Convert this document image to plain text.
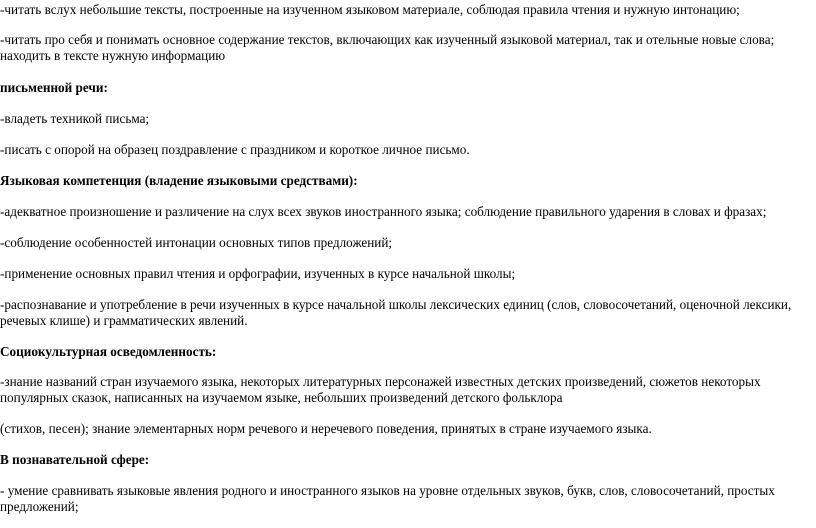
-читать вслух небольшие тексты, построенные на изученном языковом материале, соблюдая правила чтения и нужную интонацию;

-читать про себя и понимать основное содержание текстов, включающих как изученный языковой материал, так и отельные новые слова; находить в тексте нужную информацию

письменной речи:

-владеть техникой письма;

-писать с опорой на образец поздравление с праздником и короткое личное письмо.

Языковая компетенция (владение языковыми средствами):

-адекватное произношение и различение на слух всех звуков иностранного языка; соблюдение правильного ударения в словах и фразах;

-соблюдение особенностей интонации основных типов предложений;

-применение основных правил чтения и орфографии, изученных в курсе начальной школы;

-распознавание и употребление в речи изученных в курсе начальной школы лексических единиц (слов, словосочетаний, оценочной лексики, речевых клише) и грамматических явлений.

Социокультурная осведомленность:

-знание названий стран изучаемого языка, некоторых литературных персонажей известных детских произведений, сюжетов некоторых популярных сказок, написанных на изучаемом языке, небольших произведений детского фольклора

(стихов, песен); знание элементарных норм речевого и неречевого поведения, принятых в стране изучаемого языка.

В познавательной сфере:

- умение сравнивать языковые явления родного и иностранного языков на уровне отдельных звуков, букв, слов, словосочетаний, простых предложений;
